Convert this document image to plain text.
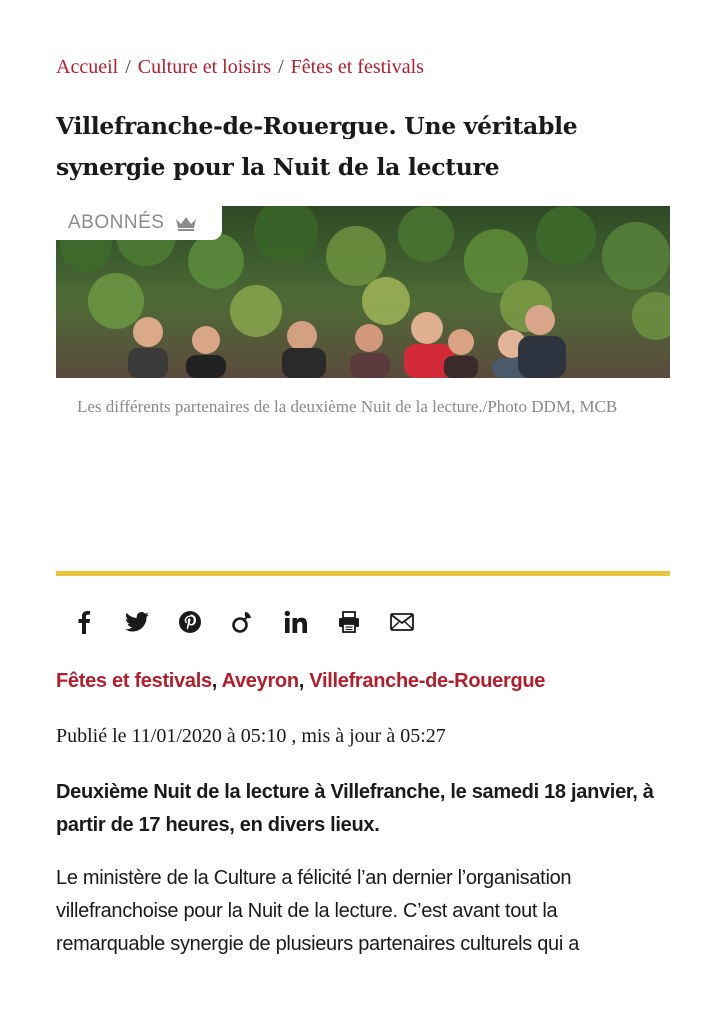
Accueil / Culture et loisirs / Fêtes et festivals
Villefranche-de-Rouergue. Une véritable synergie pour la Nuit de la lecture
ABONNÉS

Les différents partenaires de la deuxième Nuit de la lecture./Photo DDM, MCB

Fêtes et festivals, Aveyron, Villefranche-de-Rouergue
Publié le 11/01/2020 à 05:10 , mis à jour à 05:27

Deuxième Nuit de la lecture à Villefranche, le samedi 18 janvier, à partir de 17 heures, en divers lieux.

Le ministère de la Culture a félicité l’an dernier l’organisation villefranchoise pour la Nuit de la lecture. C’est avant tout la remarquable synergie de plusieurs partenaires culturels qui a
